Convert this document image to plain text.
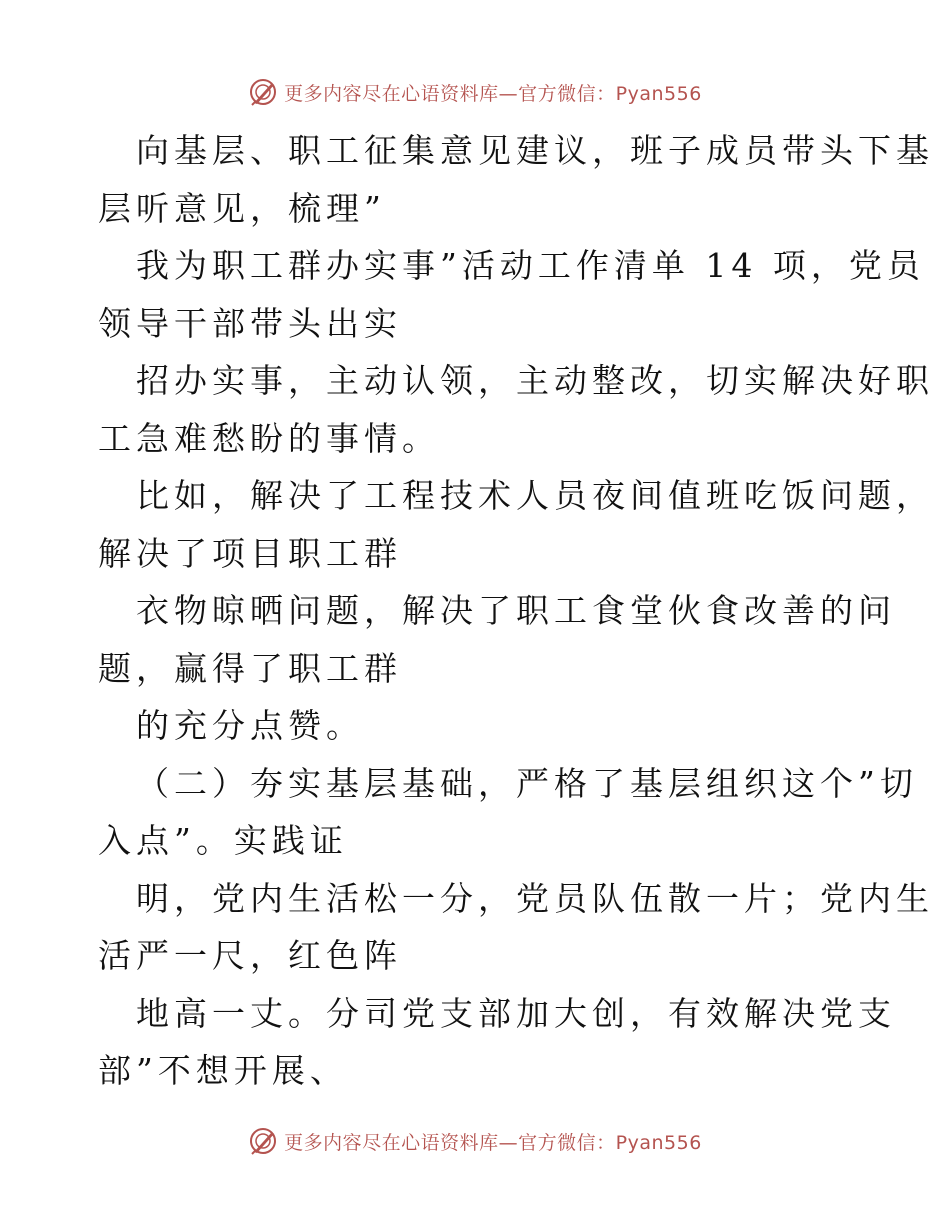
更多内容尽在心语资料库—官方微信：Pyan556
向基层、职工征集意见建议，班子成员带头下基
层听意见，梳理”
我为职工群办实事”活动工作清单 14 项，党员
领导干部带头出实
招办实事，主动认领，主动整改，切实解决好职
工急难愁盼的事情。
比如，解决了工程技术人员夜间值班吃饭问题，
解决了项目职工群
衣物晾晒问题，解决了职工食堂伙食改善的问
题，赢得了职工群
的充分点赞。
（二）夯实基层基础，严格了基层组织这个”切
入点”。实践证
明，党内生活松一分，党员队伍散一片；党内生
活严一尺，红色阵
地高一丈。分司党支部加大创，有效解决党支
部”不想开展、
更多内容尽在心语资料库—官方微信：Pyan556
